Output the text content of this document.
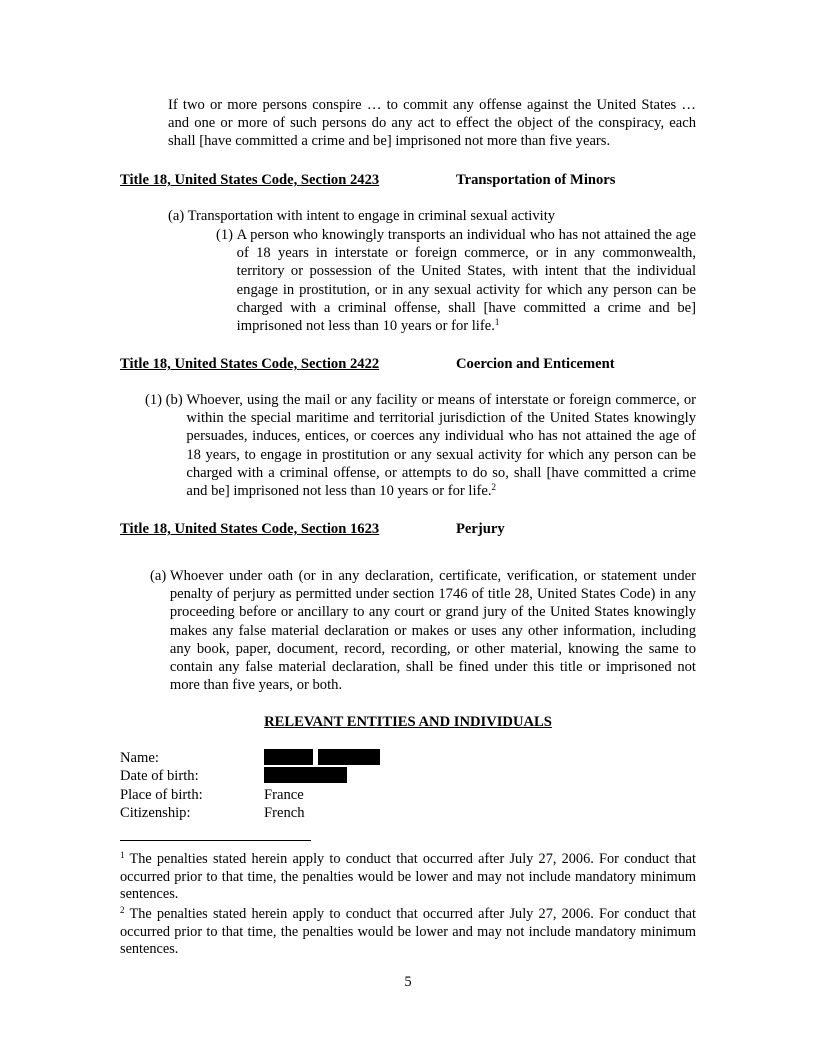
If two or more persons conspire … to commit any offense against the United States … and one or more of such persons do any act to effect the object of the conspiracy, each shall [have committed a crime and be] imprisoned not more than five years.

Title 18, United States Code, Section 2423	Transportation of Minors

(a) Transportation with intent to engage in criminal sexual activity

(1) A person who knowingly transports an individual who has not attained the age of 18 years in interstate or foreign commerce, or in any commonwealth, territory or possession of the United States, with intent that the individual engage in prostitution, or in any sexual activity for which any person can be charged with a criminal offense, shall [have committed a crime and be] imprisoned not less than 10 years or for life.$^1$
Title 18, United States Code, Section 2422	Coercion and Enticement
(1) (b) Whoever, using the mail or any facility or means of interstate or foreign commerce, or within the special maritime and territorial jurisdiction of the United States knowingly persuades, induces, entices, or coerces any individual who has not attained the age of 18 years, to engage in prostitution or any sexual activity for which any person can be charged with a criminal offense, or attempts to do so, shall [have committed a crime and be] imprisoned not less than 10 years or for life.$^2$
Title 18, United States Code, Section 1623	Perjury
(a) Whoever under oath (or in any declaration, certificate, verification, or statement under penalty of perjury as permitted under section 1746 of title 28, United States Code) in any proceeding before or ancillary to any court or grand jury of the United States knowingly makes any false material declaration or makes or uses any other information, including any book, paper, document, record, recording, or other material, knowing the same to contain any false material declaration, shall be fined under this title or imprisoned not more than five years, or both.
RELEVANT ENTITIES AND INDIVIDUALS
Name:

Date of birth:
Place of birth:	France
Citizenship:	French
$^1$ The penalties stated herein apply to conduct that occurred after July 27, 2006. For conduct that occurred prior to that time, the penalties would be lower and may not include mandatory minimum sentences.
$^2$ The penalties stated herein apply to conduct that occurred after July 27, 2006. For conduct that occurred prior to that time, the penalties would be lower and may not include mandatory minimum sentences.
5
